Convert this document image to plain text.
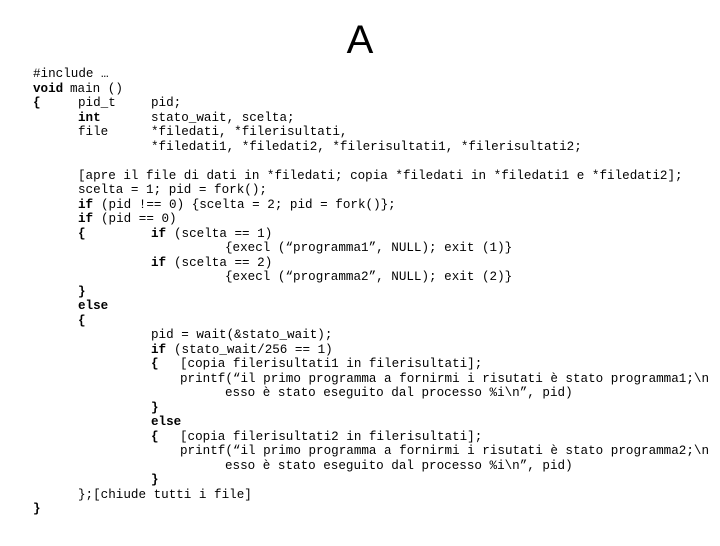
A

#include …

void

main ()

{

	pid_t

	pid;

int

	stato_wait, scelta;

file

	*filedati, *filerisultati,

*filedati1, *filedati2, *filerisultati1, *filerisultati2;

[apre il file di dati in *filedati; copia *filedati in *filedati1 e *filedati2];

scelta = 1; pid = fork();

if

(pid !== 0) {scelta = 2; pid = fork()};

if

(pid == 0)

{

	if

(scelta == 1)

{execl (“programma1”, NULL); exit (1)}

if

(scelta == 2)

{execl (“programma2”, NULL); exit (2)}

}

else

{

pid = wait(&stato_wait);

if

(stato_wait/256 == 1)

{

[copia filerisultati1 in filerisultati];

printf(“il primo programma a fornirmi i risutati è stato programma1;\n

esso è stato eseguito dal processo %i\n”, pid)

}

else

{

[copia filerisultati2 in filerisultati];

printf(“il primo programma a fornirmi i risutati è stato programma2;\n

esso è stato eseguito dal processo %i\n”, pid)

}

};[chiude tutti i file]

}
